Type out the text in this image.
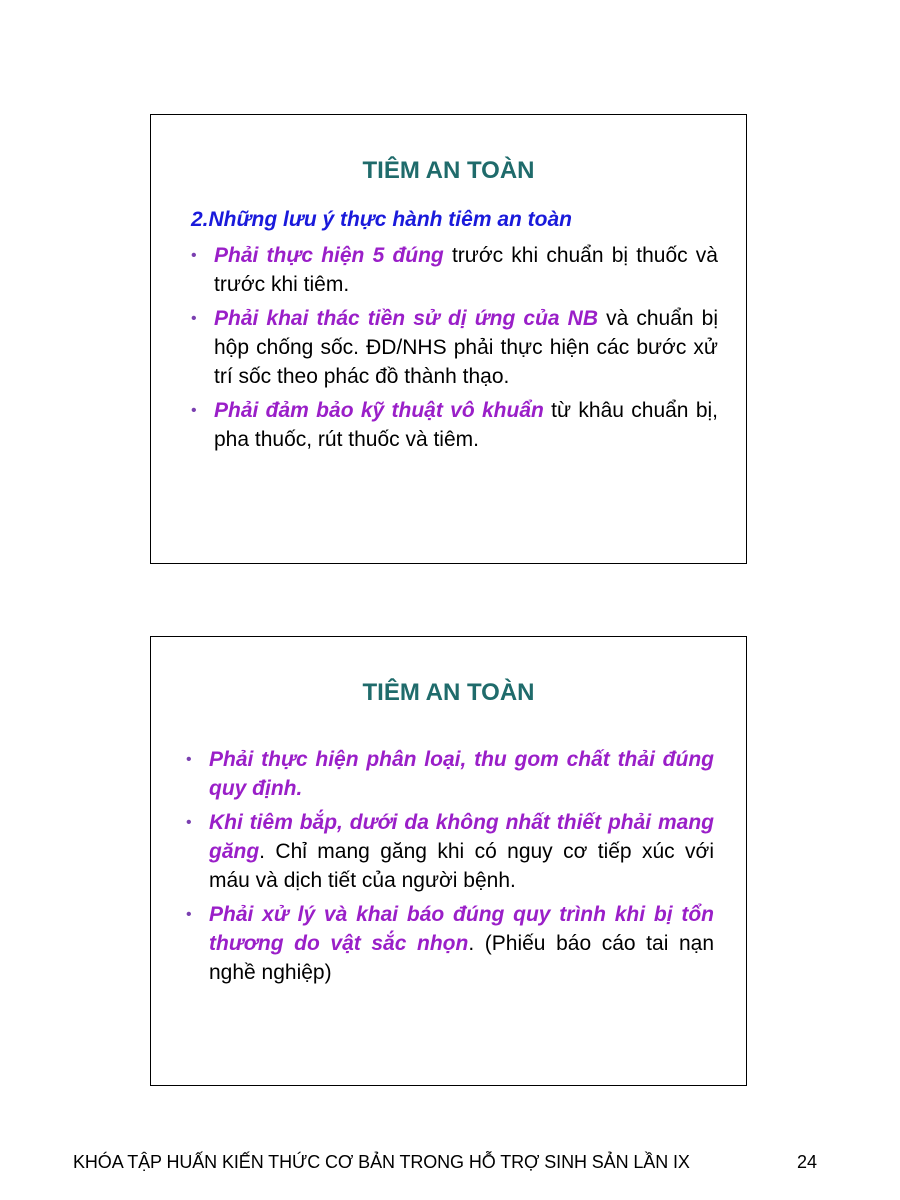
TIÊM AN TOÀN
2.Những lưu ý thực hành tiêm an toàn
• Phải thực hiện 5 đúng trước khi chuẩn bị thuốc và trước khi tiêm.
• Phải khai thác tiền sử dị ứng của NB và chuẩn bị hộp chống sốc. ĐD/NHS phải thực hiện các bước xử trí sốc theo phác đồ thành thạo.
• Phải đảm bảo kỹ thuật vô khuẩn từ khâu chuẩn bị, pha thuốc, rút thuốc và tiêm.
TIÊM AN TOÀN
• Phải thực hiện phân loại, thu gom chất thải đúng quy định.
• Khi tiêm bắp, dưới da không nhất thiết phải mang găng. Chỉ mang găng khi có nguy cơ tiếp xúc với máu và dịch tiết của người bệnh.
• Phải xử lý và khai báo đúng quy trình khi bị tổn thương do vật sắc nhọn. (Phiếu báo cáo tai nạn nghề nghiệp)
KHÓA TẬP HUẤN KIẾN THỨC CƠ BẢN TRONG HỖ TRỢ SINH SẢN LẦN IX	24
